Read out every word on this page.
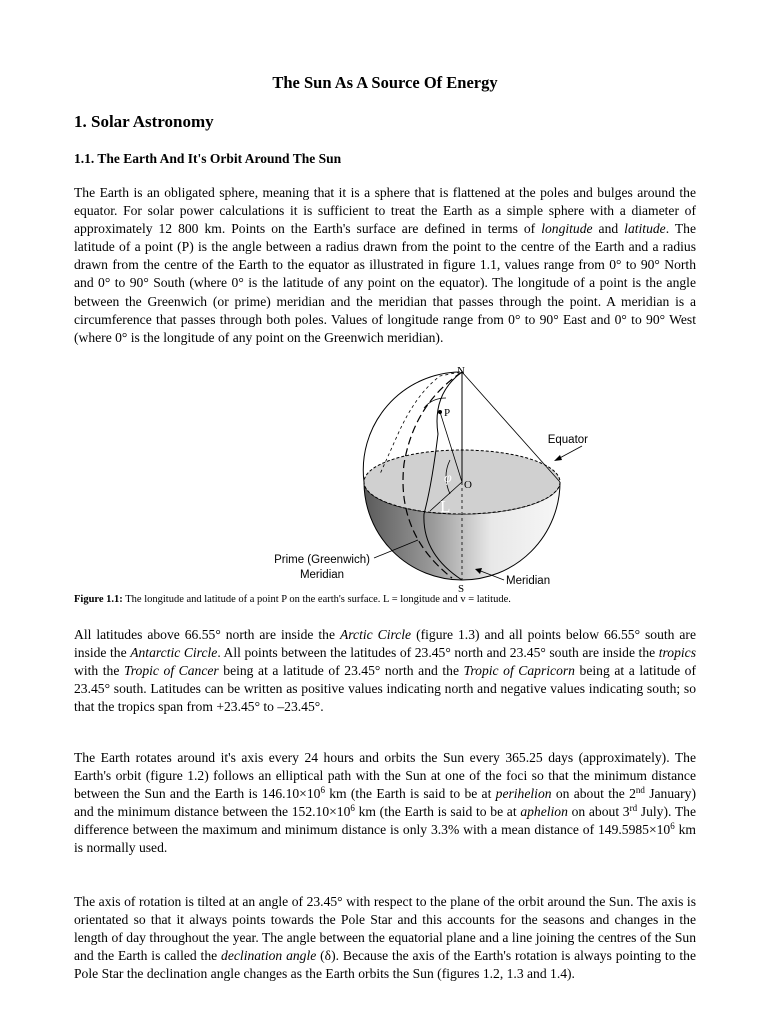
The Sun As A Source Of Energy
1. Solar Astronomy
1.1. The Earth And It's Orbit Around The Sun

The Earth is an obligated sphere, meaning that it is a sphere that is flattened at the poles and bulges around the equator. For solar power calculations it is sufficient to treat the Earth as a simple sphere with a diameter of approximately 12 800 km. Points on the Earth's surface are defined in terms of longitude and latitude. The latitude of a point (P) is the angle between a radius drawn from the point to the centre of the Earth and a radius drawn from the centre of the Earth to the equator as illustrated in figure 1.1, values range from 0° to 90° North and 0° to 90° South (where 0° is the latitude of any point on the equator). The longitude of a point is the angle between the Greenwich (or prime) meridian and the meridian that passes through the point. A meridian is a circumference that passes through both poles. Values of longitude range from 0° to 90° East and 0° to 90° West (where 0° is the longitude of any point on the Greenwich meridian).

N
P
O
S
L
φ
Equator
Prime (Greenwich)
Meridian	Meridian
Figure 1.1: The longitude and latitude of a point P on the earth's surface. L = longitude and v = latitude.

All latitudes above 66.55° north are inside the Arctic Circle (figure 1.3) and all points below 66.55° south are inside the Antarctic Circle. All points between the latitudes of 23.45° north and 23.45° south are inside the tropics with the Tropic of Cancer being at a latitude of 23.45° north and the Tropic of Capricorn being at a latitude of 23.45° south. Latitudes can be written as positive values indicating north and negative values indicating south; so that the tropics span from +23.45° to –23.45°.

The Earth rotates around it's axis every 24 hours and orbits the Sun every 365.25 days (approximately). The Earth's orbit (figure 1.2) follows an elliptical path with the Sun at one of the foci so that the minimum distance between the Sun and the Earth is $146.10\times 10^6$ km (the Earth is said to be at perihelion on about the 2nd January) and the minimum distance between the $152.10\times 10^6$ km (the Earth is said to be at aphelion on about 3rd July). The difference between the maximum and minimum distance is only 3.3% with a mean distance of $149.5985\times 10^6$ km is normally used.

The axis of rotation is tilted at an angle of 23.45° with respect to the plane of the orbit around the Sun. The axis is orientated so that it always points towards the Pole Star and this accounts for the seasons and changes in the length of day throughout the year. The angle between the equatorial plane and a line joining the centres of the Sun and the Earth is called the declination angle (δ). Because the axis of the Earth's rotation is always pointing to the Pole Star the declination angle changes as the Earth orbits the Sun (figures 1.2, 1.3 and 1.4).
